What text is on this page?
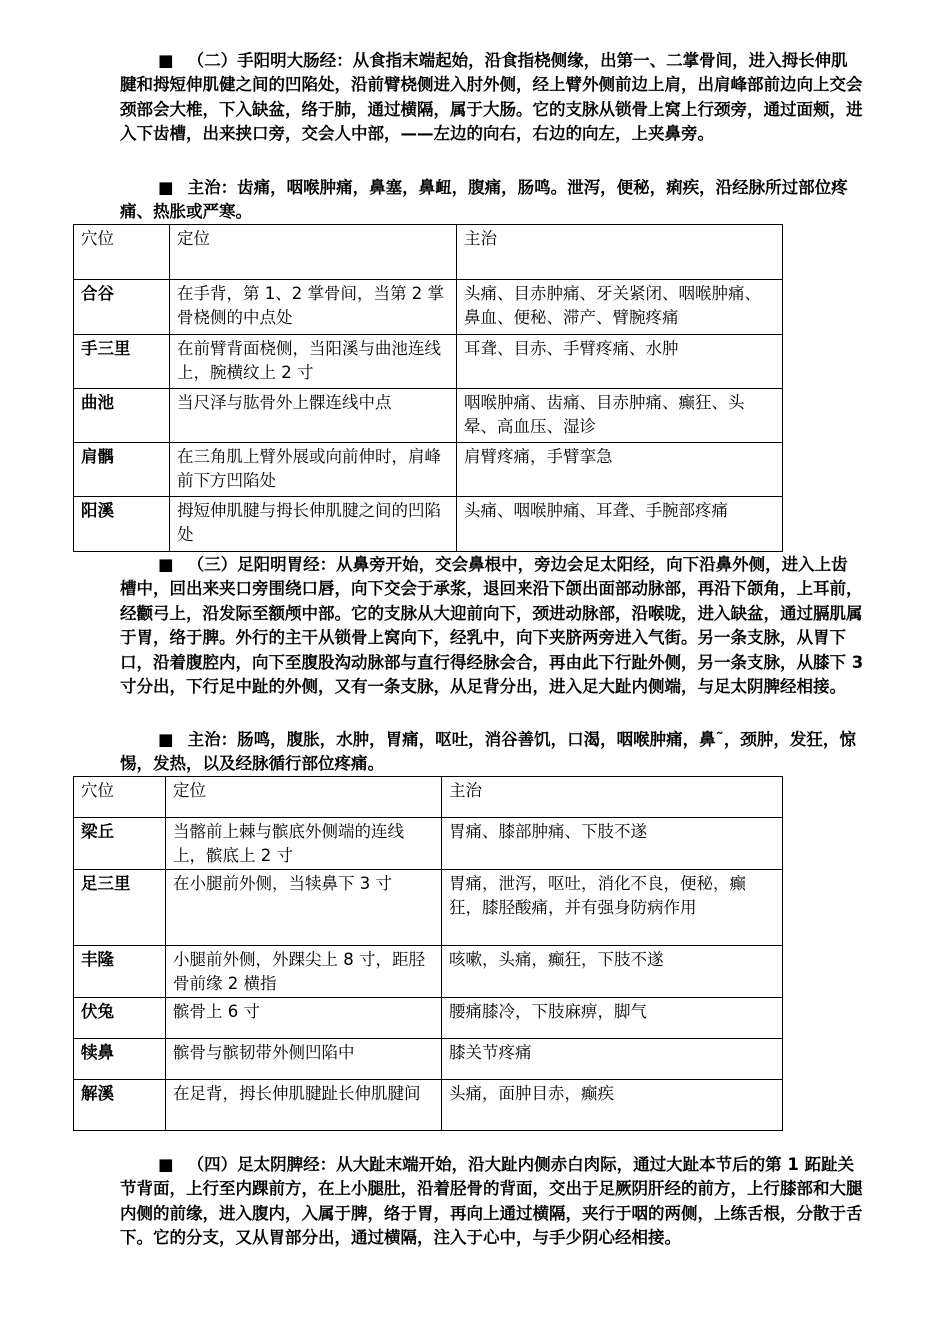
■ （二）手阳明大肠经：从食指末端起始，沿食指桡侧缘，出第一、二掌骨间，进入拇长伸肌腱和拇短伸肌健之间的凹陷处，沿前臂桡侧进入肘外侧，经上臂外侧前边上肩，出肩峰部前边向上交会颈部会大椎，下入缺盆，络于肺，通过横隔，属于大肠。它的支脉从锁骨上窝上行颈旁，通过面颊，进入下齿槽，出来挟口旁，交会人中部，——左边的向右，右边的向左，上夹鼻旁。

■ 主治：齿痛，咽喉肿痛，鼻塞，鼻衄，腹痛，肠鸣。泄泻，便秘，痢疾，沿经脉所过部位疼痛、热胀或严寒。

穴位	定位	主治
合谷	在手背，第 1、2 掌骨间，当第 2 掌骨桡侧的中点处	头痛、目赤肿痛、牙关紧闭、咽喉肿痛、鼻血、便秘、滞产、臂腕疼痛
手三里	在前臂背面桡侧，当阳溪与曲池连线上，腕横纹上 2 寸	耳聋、目赤、手臂疼痛、水肿
曲池	当尺泽与肱骨外上髁连线中点	咽喉肿痛、齿痛、目赤肿痛、癫狂、头晕、高血压、湿诊
肩髃	在三角肌上臂外展或向前伸时，肩峰前下方凹陷处	肩臂疼痛，手臂挛急
阳溪	拇短伸肌腱与拇长伸肌腱之间的凹陷处	头痛、咽喉肿痛、耳聋、手腕部疼痛

■ （三）足阳明胃经：从鼻旁开始，交会鼻根中，旁边会足太阳经，向下沿鼻外侧，进入上齿槽中，回出来夹口旁围绕口唇，向下交会于承浆，退回来沿下颌出面部动脉部，再沿下颌角，上耳前，经颧弓上，沿发际至额颅中部。它的支脉从大迎前向下，颈进动脉部，沿喉咙，进入缺盆，通过膈肌属于胃，络于脾。外行的主干从锁骨上窝向下，经乳中，向下夹脐两旁进入气街。另一条支脉，从胃下口，沿着腹腔内，向下至腹股沟动脉部与直行得经脉会合，再由此下行趾外侧，另一条支脉，从膝下 3 寸分出，下行足中趾的外侧，又有一条支脉，从足背分出，进入足大趾内侧端，与足太阴脾经相接。

■ 主治：肠鸣，腹胀，水肿，胃痛，呕吐，消谷善饥，口渴，咽喉肿痛，鼻˜，颈肿，发狂，惊惕，发热，以及经脉循行部位疼痛。

穴位	定位	主治
梁丘	当髂前上棘与髌底外侧端的连线上，髌底上 2 寸	胃痛、膝部肿痛、下肢不遂
足三里	在小腿前外侧，当犊鼻下 3 寸	胃痛，泄泻，呕吐，消化不良，便秘，癫狂，膝胫酸痛，并有强身防病作用
丰隆	小腿前外侧，外踝尖上 8 寸，距胫骨前缘 2 横指	咳嗽，头痛，癫狂，下肢不遂
伏兔	髌骨上 6 寸	腰痛膝冷，下肢麻痹，脚气
犊鼻	髌骨与髌韧带外侧凹陷中	膝关节疼痛
解溪	在足背，拇长伸肌腱趾长伸肌腱间	头痛，面肿目赤，癫疾

■ （四）足太阴脾经：从大趾末端开始，沿大趾内侧赤白肉际，通过大趾本节后的第 1 跖趾关节背面，上行至内踝前方，在上小腿肚，沿着胫骨的背面，交出于足厥阴肝经的前方，上行膝部和大腿内侧的前缘，进入腹内，入属于脾，络于胃，再向上通过横隔，夹行于咽的两侧，上练舌根，分散于舌下。它的分支，又从胃部分出，通过横隔，注入于心中，与手少阴心经相接。
